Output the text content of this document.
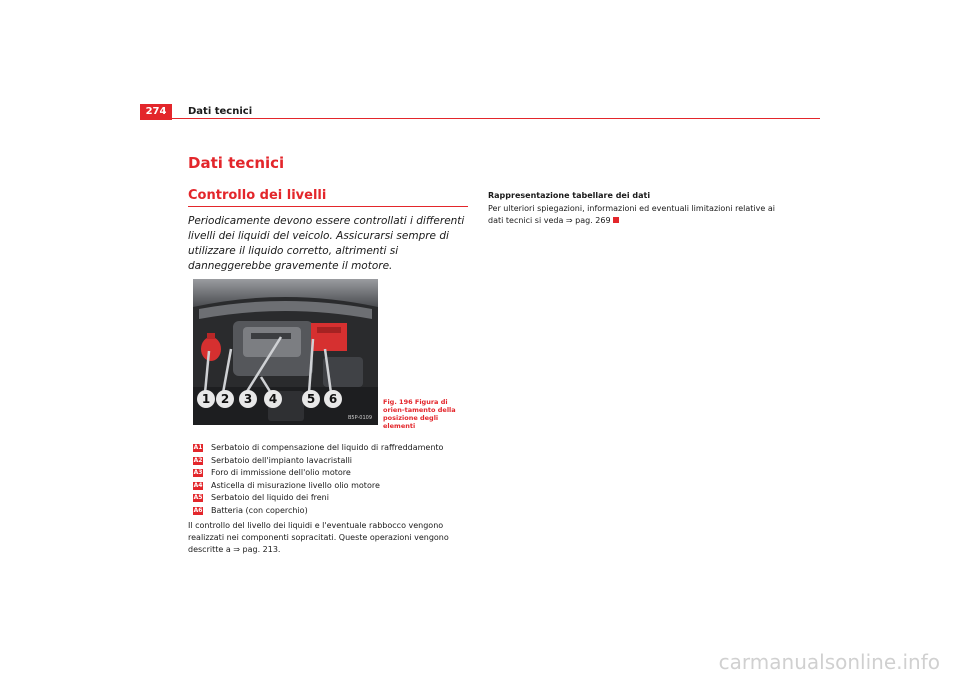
274	Dati tecnici
Dati tecnici
Controllo dei livelli
Periodicamente devono essere controllati i differenti livelli dei liquidi del veicolo. Assicurarsi sempre di utilizzare il liquido corretto, altrimenti si danneggerebbe gravemente il motore.
1 2	3	4	5	6
B5P-0109
Fig. 196 Figura di orien-tamento della posizione degli elementi
A1 Serbatoio di compensazione del liquido di raffreddamento
A2 Serbatoio dell'impianto lavacristalli
A3 Foro di immissione dell'olio motore
A4 Asticella di misurazione livello olio motore
A5 Serbatoio del liquido dei freni
A6 Batteria (con coperchio)
Il controllo del livello dei liquidi e l'eventuale rabbocco vengono realizzati nei componenti sopracitati. Queste operazioni vengono descritte a ⇒ pag. 213.
Rappresentazione tabellare dei dati
Per ulteriori spiegazioni, informazioni ed eventuali limitazioni relative ai dati tecnici si veda ⇒ pag. 269
carmanualsonline.info
